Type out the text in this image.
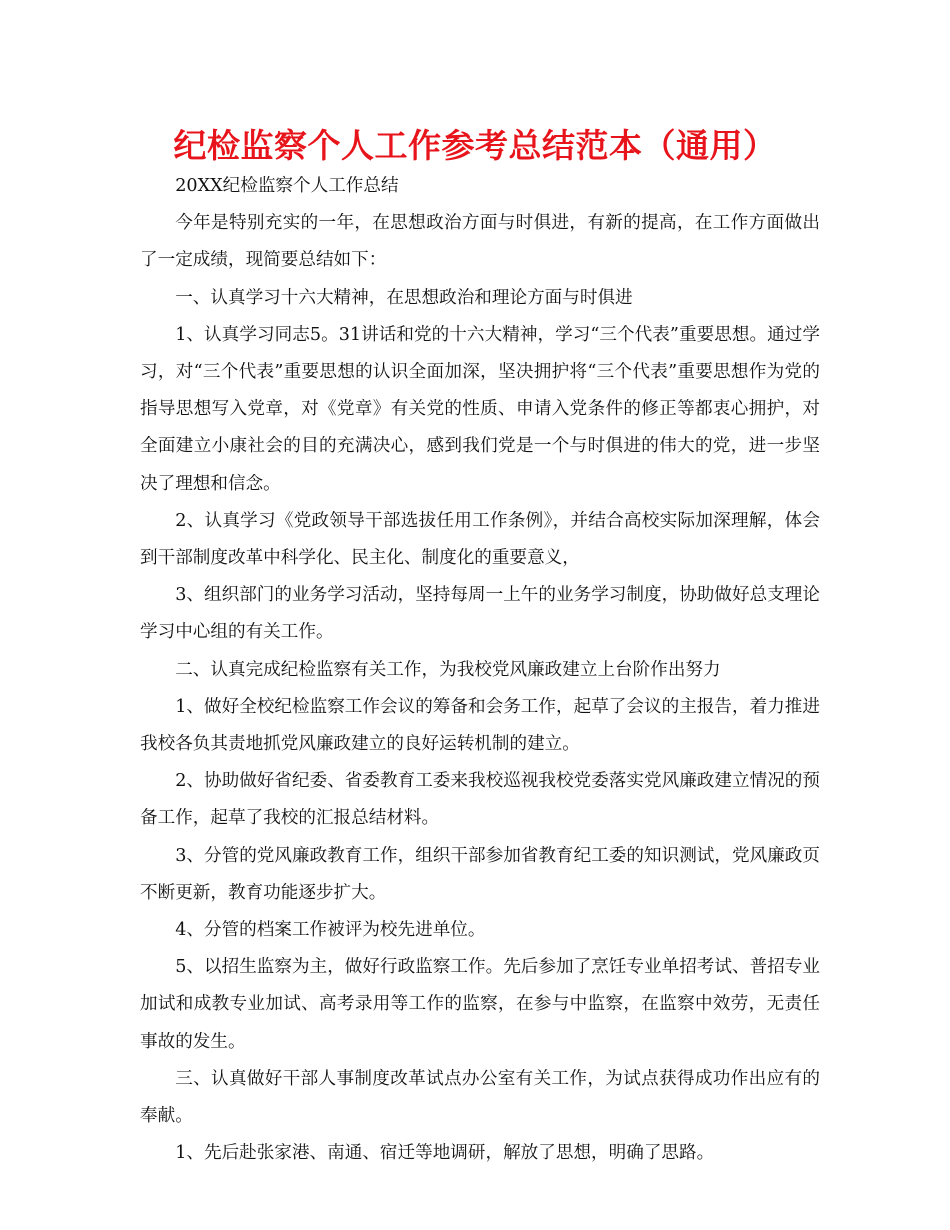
纪检监察个人工作参考总结范本（通用）

20XX纪检监察个人工作总结

今年是特别充实的一年，在思想政治方面与时俱进，有新的提高，在工作方面做出了一定成绩，现简要总结如下：

一、认真学习十六大精神，在思想政治和理论方面与时俱进

1、认真学习同志5。31讲话和党的十六大精神，学习“三个代表”重要思想。通过学习，对“三个代表”重要思想的认识全面加深，坚决拥护将“三个代表”重要思想作为党的指导思想写入党章，对《党章》有关党的性质、申请入党条件的修正等都衷心拥护，对全面建立小康社会的目的充满决心，感到我们党是一个与时俱进的伟大的党，进一步坚决了理想和信念。

2、认真学习《党政领导干部选拔任用工作条例》，并结合高校实际加深理解，体会到干部制度改革中科学化、民主化、制度化的重要意义，

3、组织部门的业务学习活动，坚持每周一上午的业务学习制度，协助做好总支理论学习中心组的有关工作。

二、认真完成纪检监察有关工作，为我校党风廉政建立上台阶作出努力

1、做好全校纪检监察工作会议的筹备和会务工作，起草了会议的主报告，着力推进我校各负其责地抓党风廉政建立的良好运转机制的建立。

2、协助做好省纪委、省委教育工委来我校巡视我校党委落实党风廉政建立情况的预备工作，起草了我校的汇报总结材料。

3、分管的党风廉政教育工作，组织干部参加省教育纪工委的知识测试，党风廉政页不断更新，教育功能逐步扩大。

4、分管的档案工作被评为校先进单位。

5、以招生监察为主，做好行政监察工作。先后参加了烹饪专业单招考试、普招专业加试和成教专业加试、高考录用等工作的监察，在参与中监察，在监察中效劳，无责任事故的发生。

三、认真做好干部人事制度改革试点办公室有关工作，为试点获得成功作出应有的奉献。

1、先后赴张家港、南通、宿迁等地调研，解放了思想，明确了思路。
